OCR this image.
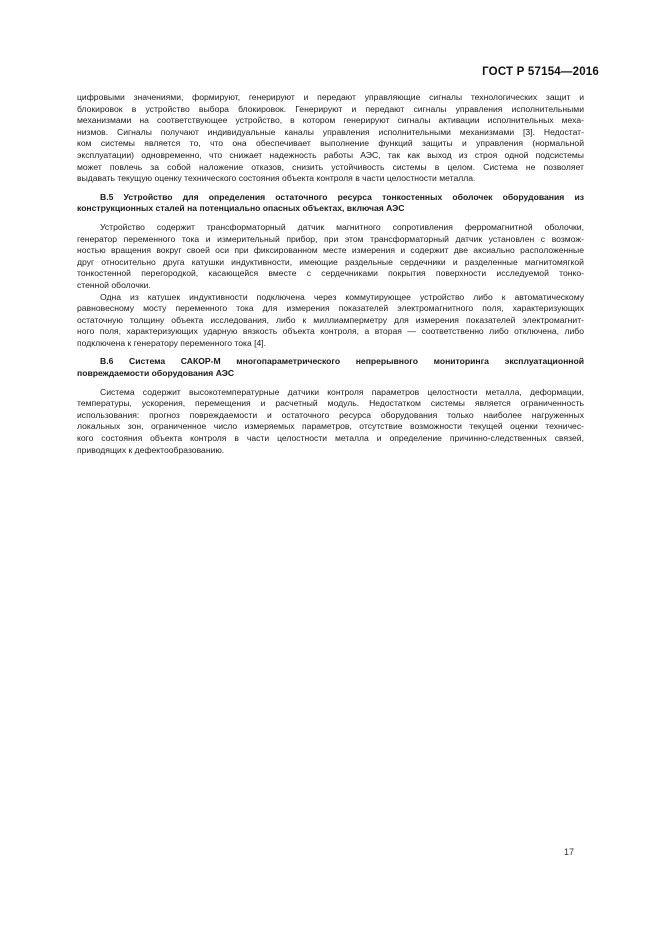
ГОСТ Р 57154—2016

цифровыми значениями, формируют, генерируют и передают управляющие сигналы технологических защит и
блокировок в устройство выбора блокировок. Генерируют и передают сигналы управления исполнительными
механизмами на соответствующее устройство, в котором генерируют сигналы активации исполнительных меха-
низмов. Сигналы получают индивидуальные каналы управления исполнительными механизмами [3]. Недостат-
ком системы является то, что она обеспечивает выполнение функций защиты и управления (нормальной
эксплуатации) одновременно, что снижает надежность работы АЭС, так как выход из строя одной подсистемы
может повлечь за собой наложение отказов, снизить устойчивость системы в целом. Система не позволяет
выдавать текущую оценку технического состояния объекта контроля в части целостности металла.

В.5 Устройство для определения остаточного ресурса тонкостенных оболочек оборудования из
конструкционных сталей на потенциально опасных объектах, включая АЭС

Устройство содержит трансформаторный датчик магнитного сопротивления ферромагнитной оболочки,
генератор переменного тока и измерительный прибор, при этом трансформаторный датчик установлен с возмож-
ностью вращения вокруг своей оси при фиксированном месте измерения и содержит две аксиально расположенные
друг относительно друга катушки индуктивности, имеющие раздельные сердечники и разделенные магнитомягкой
тонкостенной перегородкой, касающейся вместе с сердечниками покрытия поверхности исследуемой тонко-
стенной оболочки.

Одна из катушек индуктивности подключена через коммутирующее устройство либо к автоматическому
равновесному мосту переменного тока для измерения показателей электромагнитного поля, характеризующих
остаточную толщину объекта исследования, либо к миллиамперметру для измерения показателей электромагнит-
ного поля, характеризующих ударную вязкость объекта контроля, а вторая — соответственно либо отключена, либо
подключена к генератору переменного тока [4].

В.6 Система САКОР-М многопараметрического непрерывного мониторинга эксплуатационной
повреждаемости оборудования АЭС

Система содержит высокотемпературные датчики контроля параметров целостности металла, деформации,
температуры, ускорения, перемещения и расчетный модуль. Недостатком системы является ограниченность
использования: прогноз повреждаемости и остаточного ресурса оборудования только наиболее нагруженных
локальных зон, ограниченное число измеряемых параметров, отсутствие возможности текущей оценки техничес-
кого состояния объекта контроля в части целостности металла и определение причинно-следственных связей,
приводящих к дефектообразованию.

17
